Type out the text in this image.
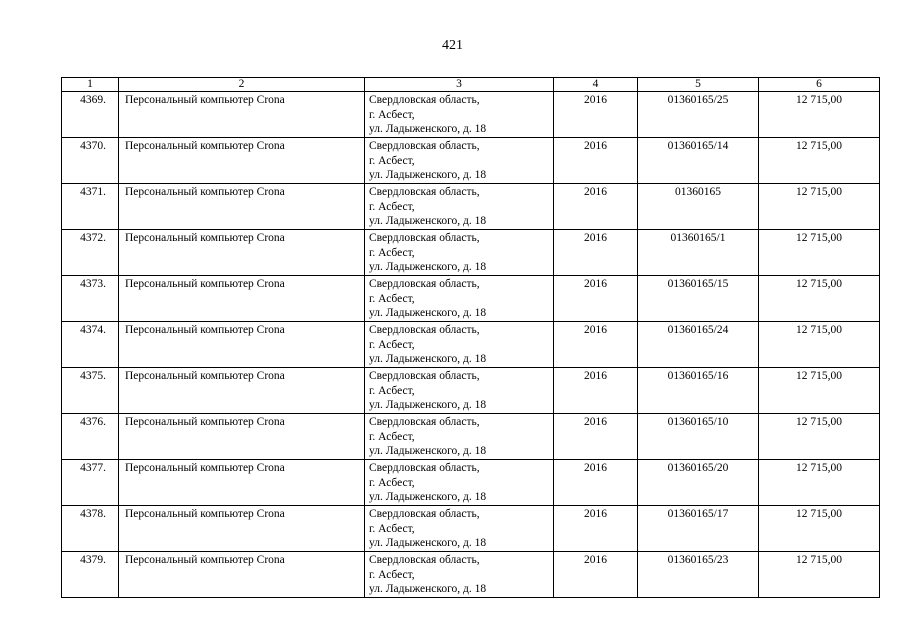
421
1	2	3	4	5	6
4369.	Персональный компьютер Crona	Свердловская область,
г. Асбест,
ул. Ладыженского, д. 18	2016	01360165/25	12 715,00
4370.	Персональный компьютер Crona	Свердловская область,
г. Асбест,
ул. Ладыженского, д. 18	2016	01360165/14	12 715,00
4371.	Персональный компьютер Crona	Свердловская область,
г. Асбест,
ул. Ладыженского, д. 18	2016	01360165	12 715,00
4372.	Персональный компьютер Crona	Свердловская область,
г. Асбест,
ул. Ладыженского, д. 18	2016	01360165/1	12 715,00
4373.	Персональный компьютер Crona	Свердловская область,
г. Асбест,
ул. Ладыженского, д. 18	2016	01360165/15	12 715,00
4374.	Персональный компьютер Crona	Свердловская область,
г. Асбест,
ул. Ладыженского, д. 18	2016	01360165/24	12 715,00
4375.	Персональный компьютер Crona	Свердловская область,
г. Асбест,
ул. Ладыженского, д. 18	2016	01360165/16	12 715,00
4376.	Персональный компьютер Crona	Свердловская область,
г. Асбест,
ул. Ладыженского, д. 18	2016	01360165/10	12 715,00
4377.	Персональный компьютер Crona	Свердловская область,
г. Асбест,
ул. Ладыженского, д. 18	2016	01360165/20	12 715,00
4378.	Персональный компьютер Crona	Свердловская область,
г. Асбест,
ул. Ладыженского, д. 18	2016	01360165/17	12 715,00
4379.	Персональный компьютер Crona	Свердловская область,
г. Асбест,
ул. Ладыженского, д. 18	2016	01360165/23	12 715,00
